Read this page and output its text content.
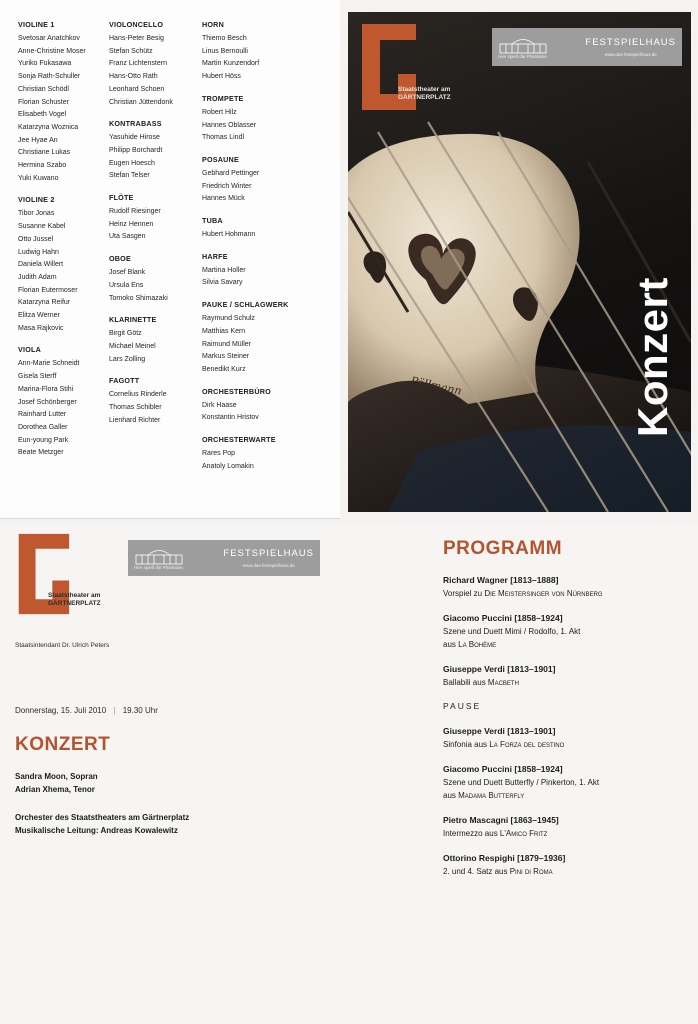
VIOLINE 1
Svetosar Anatchkov
Anne-Christine Moser
Yuriko Fukasawa
Sonja Rath-Schuller
Christian Schödl
Florian Schuster
Elisabeth Vogel
Katarzyna Woznica
Jee Hyae An
Christiane Lukas
Hermina Szabo
Yuki Kuwano
VIOLINE 2
Tibor Jonas
Susanne Kabel
Otto Jussel
Ludwig Hahn
Daniela Willert
Judith Adam
Florian Eutermoser
Katarzyna Reifur
Elitza Werner
Masa Rajkovic
VIOLA
Ann-Marie Schneidt
Gisela Sterff
Marina-Flora Stihi
Josef Schönberger
Rainhard Lutter
Dorothea Galler
Eun-young Park
Beate Metzger
VIOLONCELLO
Hans-Peter Besig
Stefan Schütz
Franz Lichtenstern
Hans-Otto Rath
Leonhard Schoen
Christian Jüttendonk
KONTRABASS
Yasuhide Hirose
Philipp Borchardt
Eugen Hoesch
Stefan Telser
FLÖTE
Rudolf Riesinger
Heinz Hennen
Uta Sasgen
OBOE
Josef Blank
Ursula Ens
Tomoko Shimazaki
KLARINETTE
Birgit Götz
Michael Meinel
Lars Zolling
FAGOTT
Cornelius Rinderle
Thomas Schibler
Lienhard Richter
HORN
Thiemo Besch
Linus Bernoulli
Martin Kunzendorf
Hubert Höss
TROMPETE
Robert Hilz
Hannes Oblasser
Thomas Lindl
POSAUNE
Gebhard Pettinger
Friedrich Winter
Hannes Mück
TUBA
Hubert Hohmann
HARFE
Martina Holler
Silvia Savary
PAUKE / SCHLAGWERK
Raymund Schulz
Matthias Kern
Raimund Müller
Markus Steiner
Benedikt Kurz
ORCHESTERBÜRO
Dirk Haase
Konstantin Hristov
ORCHESTERWARTE
Rares Pop
Anatoly Lomakin
Pöllmann
Staatstheater am
GÄRTNERPLATZ
Hier spielt die Phantasie.
FESTSPIELHAUS
www.das-festspielhaus.de
Konzert
Staatstheater am
GÄRTNERPLATZ
Staatsintendant Dr. Ulrich Peters
Hier spielt die Phantasie.
FESTSPIELHAUS
www.das-festspielhaus.de
Donnerstag, 15. Juli 2010 | 19.30 Uhr
KONZERT
Sandra Moon, Sopran
Adrian Xhema, Tenor
Orchester des Staatstheaters am Gärtnerplatz
Musikalische Leitung: Andreas Kowalewitz
PROGRAMM
Richard Wagner [1813–1888]
Vorspiel zu Die Meistersinger von Nürnberg
Giacomo Puccini [1858–1924]
Szene und Duett Mimi / Rodolfo, 1. Akt
aus La Bohème
Giuseppe Verdi [1813–1901]
Ballabili aus Macbeth
PAUSE
Giuseppe Verdi [1813–1901]
Sinfonia aus La Forza del destino
Giacomo Puccini [1858–1924]
Szene und Duett Butterfly / Pinkerton, 1. Akt
aus Madama Butterfly
Pietro Mascagni [1863–1945]
Intermezzo aus L'Amico Fritz
Ottorino Respighi [1879–1936]
2. und 4. Satz aus Pini di Roma
